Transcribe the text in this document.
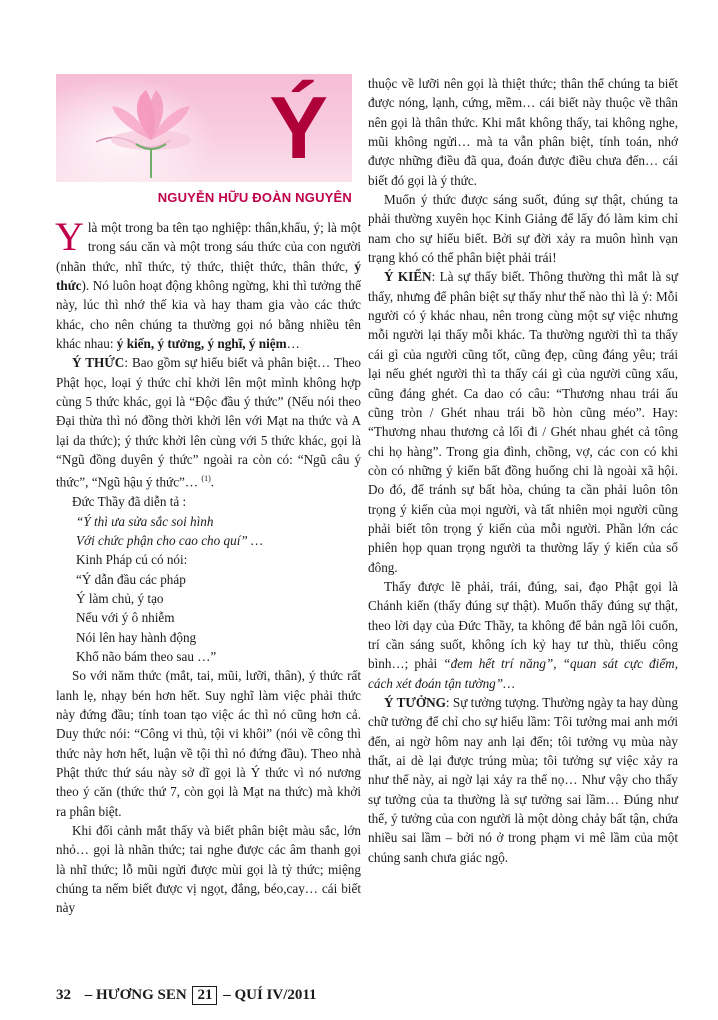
Ý
NGUYỄN HỮU ĐOÀN NGUYÊN

Ylà một trong ba tên tạo nghiệp: thân,khẩu, ý; là một trong sáu căn và một trong sáu thức của con người (nhãn thức, nhĩ thức, tỷ thức, thiệt thức, thân thức, ý thức). Nó luôn hoạt động không ngừng, khi thì tưởng thế này, lúc thì nhớ thế kia và hay tham gia vào các thức khác, cho nên chúng ta thường gọi nó bằng nhiều tên khác nhau: ý kiến, ý tưởng, ý nghĩ, ý niệm…

Ý THỨC: Bao gồm sự hiểu biết và phân biệt… Theo Phật học, loại ý thức chỉ khởi lên một mình không hợp cùng 5 thức khác, gọi là “Độc đầu ý thức” (Nếu nói theo Đại thừa thì nó đồng thời khởi lên với Mạt na thức và A lại da thức); ý thức khởi lên cùng với 5 thức khác, gọi là “Ngũ đồng duyên ý thức” ngoài ra còn có: “Ngũ câu ý thức”, “Ngũ hậu ý thức”… $^{(1)}$.

Đức Thầy đã diễn tả :

“Ý thì ưa sửa sắc soi hình

Với chức phận cho cao cho quí” …

Kinh Pháp cú có nói:

“Ý dẫn đầu các pháp

Ý làm chủ, ý tạo

Nếu với ý ô nhiễm

Nói lên hay hành động

Khổ não bám theo sau …”

So với năm thức (mắt, tai, mũi, lưỡi, thân), ý thức rất lanh lẹ, nhạy bén hơn hết. Suy nghĩ làm việc phải thức này đứng đầu; tính toan tạo việc ác thì nó cũng hơn cả. Duy thức nói: “Công vi thủ, tội vi khôi” (nói về công thì thức này hơn hết, luận về tội thì nó đứng đầu). Theo nhà Phật thức thứ sáu này sở dĩ gọi là Ý thức vì nó nương theo ý căn (thức thứ 7, còn gọi là Mạt na thức) mà khởi ra phân biệt.

Khi đối cảnh mắt thấy và biết phân biệt màu sắc, lớn nhỏ… gọi là nhãn thức; tai nghe được các âm thanh gọi là nhĩ thức; lỗ mũi ngửi được mùi gọi là tỷ thức; miệng chúng ta nếm biết được vị ngọt, đắng, béo,cay… cái biết này

thuộc về lưỡi nên gọi là thiệt thức; thân thể chúng ta biết được nóng, lạnh, cứng, mềm… cái biết này thuộc về thân nên gọi là thân thức. Khi mắt không thấy, tai không nghe, mũi không ngửi… mà ta vẫn phân biệt, tính toán, nhớ được những điều đã qua, đoán được điều chưa đến… cái biết đó gọi là ý thức.

Muốn ý thức được sáng suốt, đúng sự thật, chúng ta phải thường xuyên học Kinh Giảng để lấy đó làm kim chỉ nam cho sự hiểu biết. Bởi sự đời xảy ra muôn hình vạn trạng khó có thể phân biệt phải trái!

Ý KIẾN: Là sự thấy biết. Thông thường thì mắt là sự thấy, nhưng để phân biệt sự thấy như thế nào thì là ý: Mỗi người có ý khác nhau, nên trong cùng một sự việc nhưng mỗi người lại thấy mỗi khác. Ta thường người thì ta thấy cái gì của người cũng tốt, cũng đẹp, cũng đáng yêu; trái lại nếu ghét người thì ta thấy cái gì của người cũng xấu, cũng đáng ghét. Ca dao có câu: “Thương nhau trái ấu cũng tròn / Ghét nhau trái bồ hòn cũng méo”. Hay: “Thương nhau thương cả lối đi / Ghét nhau ghét cả tông chi họ hàng”. Trong gia đình, chồng, vợ, các con có khi còn có những ý kiến bất đồng huống chi là ngoài xã hội. Do đó, để tránh sự bất hòa, chúng ta cần phải luôn tôn trọng ý kiến của mọi người, và tất nhiên mọi người cũng phải biết tôn trọng ý kiến của mỗi người. Phần lớn các phiên họp quan trọng người ta thường lấy ý kiến của số đông.

Thấy được lẽ phải, trái, đúng, sai, đạo Phật gọi là Chánh kiến (thấy đúng sự thật). Muốn thấy đúng sự thật, theo lời dạy của Đức Thầy, ta không để bản ngã lôi cuốn, trí cần sáng suốt, không ích kỷ hay tư thù, thiếu công bình…; phải “đem hết trí năng”, “quan sát cực điểm, cách xét đoán tận tường”…

Ý TƯỞNG: Sự tưởng tượng. Thường ngày ta hay dùng chữ tưởng để chỉ cho sự hiểu lầm: Tôi tưởng mai anh mới đến, ai ngờ hôm nay anh lại đến; tôi tưởng vụ mùa này thất, ai dè lại được trúng mùa; tôi tưởng sự việc xảy ra như thế này, ai ngờ lại xảy ra thế nọ… Như vậy cho thấy sự tưởng của ta thường là sự tưởng sai lầm… Đúng như thế, ý tưởng của con người là một dòng chảy bất tận, chứa nhiều sai lầm – bởi nó ở trong phạm vi mê lầm của một chúng sanh chưa giác ngộ.

32 – HƯƠNG SEN 21 – QUÍ IV/2011
